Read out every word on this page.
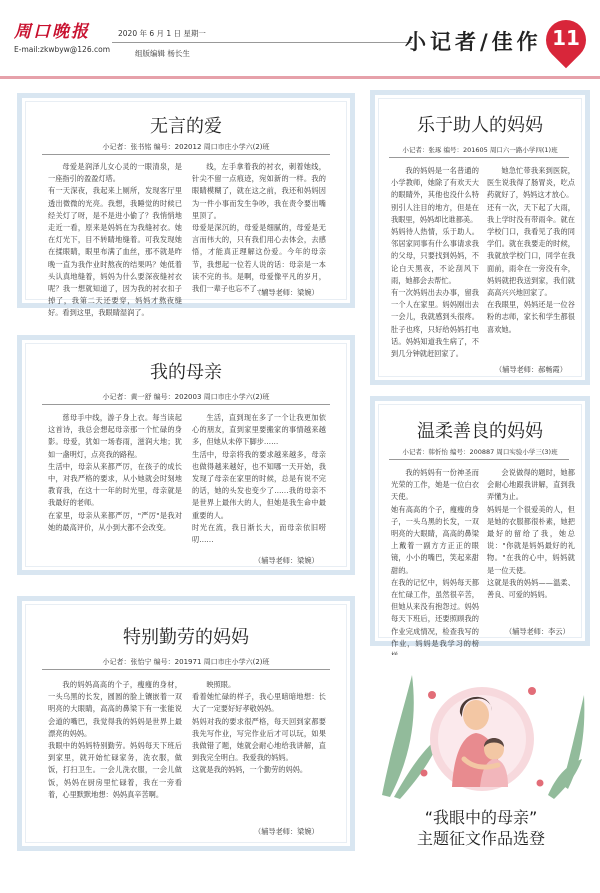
周口晚报
E-mail:zkwbyw@126.com
2020 年 6 月 1 日 星期一
组版编辑 杨长生	小记者/佳作 11
无言的爱
小记者：张书铭 编号：202012 周口市庄小学六(2)班
母爱是润泽儿女心灵的一眼清泉，是一座指引的盈盈灯塔。
有一天深夜，我起来上厕所，发现客厅里透出微微的光亮。我想，我睡觉的时候已经关灯了呀，是不是进小偷了？我悄悄地走近一看，原来是妈妈在为我缝衬衣。她在灯光下，目不转睛地缝着。可我发现她在揉眼睛，眼里布满了血丝，那不就是昨晚一直为我作业时熬夜的结果吗？她低着头认真地缝着，妈妈为什么要深夜缝衬衣呢？我一想就知道了，因为我的衬衣扣子掉了，我第二天还要穿，妈妈才熬夜缝好。看到这里，我眼睛湿润了。
线，左手拿着我的衬衣，刺着她线，针尖不留一点痕迹，宛如新的一样。我的眼睛模糊了，就在这之前，我还和妈妈因为一件小事而发生争吵，我在责令要出嘴里顶了。
母爱是深沉的，母爱是细腻的，母爱是无言而伟大的，只有我们用心去体会，去感悟，才能真正理解这份爱。今年的母亲节，我想起一位若人说的话：母亲是一本读不完的书。是啊，母爱像平凡的岁月，我们一辈子也忘不了……
（辅导老师：梁婉）
乐于助人的妈妈
小记者：张琢 编号：201605 周口六一路小学四(1)班
我的妈妈是一名普通的小学教师，她除了有欢天大的眼睛外，其他也没什么特别引人注目的地方，但是在我眼里，妈妈却比谁都美。
妈妈待人热情，乐于助人。邻居家同事有什么事请求我的父母，只要找到妈妈，不论白天黑夜，不论刮风下雨，她都会去帮忙。
有一次妈妈出去办事，留我一个人在家里。妈妈刚出去一会儿，我就感到头很疼。肚子也疼，只好给妈妈打电话。妈妈知道我生病了，不到几分钟就赶回家了。
她急忙带我来到医院，医生说我得了肠胃炎，吃点药就好了，妈妈这才放心。
还有一次，天下起了大雨，我上学时没有带雨伞。就在学校门口，我看见了我的同学们。就在我要走的时候，我就放学校门口，同学在我面前，雨伞在一旁没有伞，妈妈就把我送到家，我们就高高兴兴地回家了。
在我眼里，妈妈还是一位谷粉的志师，家长和学生都很喜欢她。
（辅导老师：郝畅霞）
我的母亲
小记者：黄一舒 编号：202003 周口市庄小学六(2)班
慈母手中线，游子身上衣。每当读起这首诗，我总会想起母亲那一个忙碌的身影。母爱，犹如一场春雨，滋润大地；犹如一盏明灯，点亮我的路程。
生活中，母亲从来都严厉，在孩子的成长中，对我严格的要求，从小她就会时刻地教育我，在这十一年的时光里，母亲就是我最好的老师。
在家里，母亲从来都严厉，"严厉"是我对她的最高评价，从小到大都不会改变。
生活，直到现在多了一个让我更加依心的朋友，直到家里要搬家的事情越来越多，但她从未停下脚步……
生活中，母亲将我的要求越来越多，母亲也做得越来越好，也不知哪一天开始，我发现了母亲在家里的时候，总是有说不完的话，她的头发也变少了……我的母亲不是世界上最伟大的人，但她是我生命中最重要的人。
时光在流，我日渐长大，而母亲依旧唠叨……
（辅导老师：梁婉）
温柔善良的妈妈
小记者：韩忻怡 编号：200887 周口实验小学三(3)班
我的妈妈有一份神圣而光荣的工作，她是一位白衣天使。
她有高高的个子，瘦瘦的身子，一头乌黑的长发，一双明亮的大眼睛，高高的鼻梁上戴着一副方方正正的眼镜，小小的嘴巴，笑起来甜甜的。
在我的记忆中，妈妈每天都在忙碌工作，虽然很辛苦，但她从来没有抱怨过。妈妈每天下班后，还要照顾我的作业完成情况，检查我写的作业，妈妈是我学习的榜
会说做得的题时，她都会耐心地跟我讲解，直到我弄懂为止。
妈妈是一个很爱美的人，但是她的衣服都很朴素，她把最好的留给了我，她总说："你就是妈妈最好的礼物。"在我的心中，妈妈就是一位天使。
这就是我的妈妈——温柔、善良、可爱的妈妈。
（辅导老师：李云）
特别勤劳的妈妈
小记者：张怡宁 编号：201971 周口市庄小学六(2)班
我的妈妈高高的个子，瘦瘦的身材，一头乌黑的长发，圆圆的脸上镶嵌着一双明亮的大眼睛，高高的鼻梁下有一张能说会道的嘴巴，我觉得我的妈妈是世界上最漂亮的妈妈。
我眼中的妈妈特别勤劳。妈妈每天下班后到家里，就开始忙碌家务，洗衣服，做饭，打扫卫生。一会儿洗衣服，一会儿做饭，妈妈在厨房里忙碌着，我在一旁看着，心里默默地想：妈妈真辛苦啊。
映照眼。
看着她忙碌的样子，我心里暗暗地想：长大了一定要好好孝敬妈妈。
妈妈对我的要求很严格，每天回到家都要我先写作业，写完作业后才可以玩，如果我做错了题，她就会耐心地给我讲解，直到我完全明白。我爱我的妈妈。
这就是我的妈妈，一个勤劳的妈妈。
（辅导老师：梁婉）
“我眼中的母亲”
主题征文作品选登
